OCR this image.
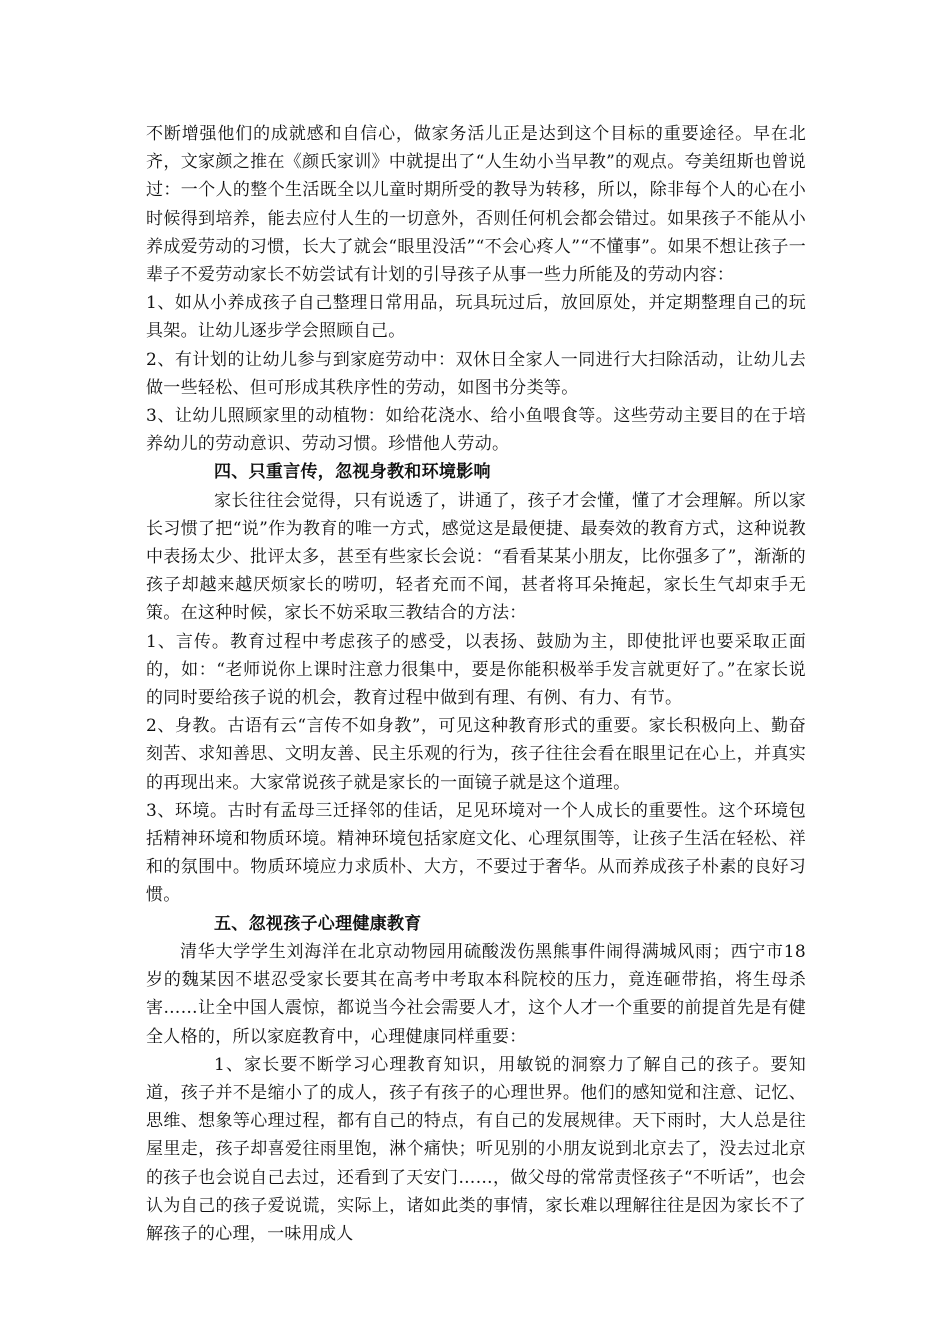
不断增强他们的成就感和自信心，做家务活儿正是达到这个目标的重要途径。早在北齐，文家颜之推在《颜氏家训》中就提出了“人生幼小当早教”的观点。夸美纽斯也曾说过：一个人的整个生活既全以儿童时期所受的教导为转移，所以，除非每个人的心在小时候得到培养，能去应付人生的一切意外，否则任何机会都会错过。如果孩子不能从小养成爱劳动的习惯，长大了就会“眼里没活”“不会心疼人”“不懂事”。如果不想让孩子一辈子不爱劳动家长不妨尝试有计划的引导孩子从事一些力所能及的劳动内容：

1、如从小养成孩子自己整理日常用品，玩具玩过后，放回原处，并定期整理自己的玩具架。让幼儿逐步学会照顾自己。

2、有计划的让幼儿参与到家庭劳动中：双休日全家人一同进行大扫除活动，让幼儿去做一些轻松、但可形成其秩序性的劳动，如图书分类等。

3、让幼儿照顾家里的动植物：如给花浇水、给小鱼喂食等。这些劳动主要目的在于培养幼儿的劳动意识、劳动习惯。珍惜他人劳动。

四、只重言传，忽视身教和环境影响

家长往往会觉得，只有说透了，讲通了，孩子才会懂，懂了才会理解。所以家长习惯了把“说”作为教育的唯一方式，感觉这是最便捷、最奏效的教育方式，这种说教中表扬太少、批评太多，甚至有些家长会说：“看看某某小朋友，比你强多了”，渐渐的孩子却越来越厌烦家长的唠叨，轻者充而不闻，甚者将耳朵掩起，家长生气却束手无策。在这种时候，家长不妨采取三教结合的方法：

1、言传。教育过程中考虑孩子的感受，以表扬、鼓励为主，即使批评也要采取正面的，如：“老师说你上课时注意力很集中，要是你能积极举手发言就更好了。”在家长说的同时要给孩子说的机会，教育过程中做到有理、有例、有力、有节。

2、身教。古语有云“言传不如身教”，可见这种教育形式的重要。家长积极向上、勤奋刻苦、求知善思、文明友善、民主乐观的行为，孩子往往会看在眼里记在心上，并真实的再现出来。大家常说孩子就是家长的一面镜子就是这个道理。

3、环境。古时有孟母三迁择邻的佳话，足见环境对一个人成长的重要性。这个环境包括精神环境和物质环境。精神环境包括家庭文化、心理氛围等，让孩子生活在轻松、祥和的氛围中。物质环境应力求质朴、大方，不要过于奢华。从而养成孩子朴素的良好习惯。

五、忽视孩子心理健康教育

清华大学学生刘海洋在北京动物园用硫酸泼伤黑熊事件闹得满城风雨；西宁市18岁的魏某因不堪忍受家长要其在高考中考取本科院校的压力，竟连砸带掐，将生母杀害……让全中国人震惊，都说当今社会需要人才，这个人才一个重要的前提首先是有健全人格的，所以家庭教育中，心理健康同样重要：

1、家长要不断学习心理教育知识，用敏锐的洞察力了解自己的孩子。要知道，孩子并不是缩小了的成人，孩子有孩子的心理世界。他们的感知觉和注意、记忆、思维、想象等心理过程，都有自己的特点，有自己的发展规律。天下雨时，大人总是往屋里走，孩子却喜爱往雨里饱，淋个痛快；听见别的小朋友说到北京去了，没去过北京的孩子也会说自己去过，还看到了天安门……，做父母的常常责怪孩子“不听话”，也会认为自己的孩子爱说谎，实际上，诸如此类的事情，家长难以理解往往是因为家长不了解孩子的心理，一味用成人
